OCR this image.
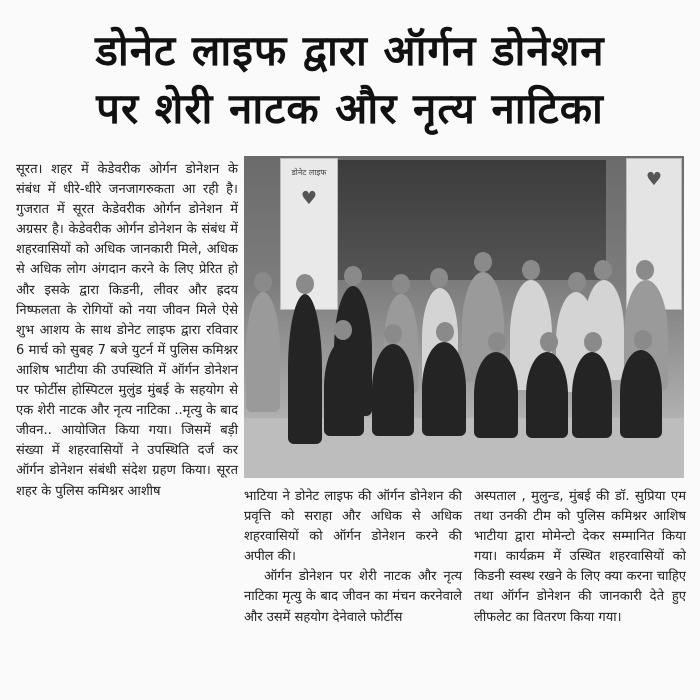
डोनेट लाइफ द्वारा ऑर्गन डोनेशन
पर शेरी नाटक और नृत्य नाटिका

सूरत। शहर में केडेवरीक ओर्गन डोनेशन के संबंध में धीरे-धीरे जनजागरुकता आ रही है। गुजरात में सूरत केडेवरीक ओर्गन डोनेशन में अग्रसर है। केडेवरीक ओर्गन डोनेशन के संबंध में शहरवासियों को अधिक जानकारी मिले, अधिक से अधिक लोग अंगदान करने के लिए प्रेरित हो और इसके द्वारा किडनी, लीवर और ह्रदय निष्फलता के रोगियों को नया जीवन मिले ऐसे शुभ आशय के साथ डोनेट लाइफ द्वारा रविवार 6 मार्च को सुबह 7 बजे युटर्न में पुलिस कमिश्नर आशिष भाटीया की उपस्थिति में ऑर्गन डोनेशन पर फोर्टीस होस्पिटल मुलुंड मुंबई के सहयोग से एक शेरी नाटक और नृत्य नाटिका ..मृत्यु के बाद जीवन.. आयोजित किया गया। जिसमें बड़ी संख्या में शहरवासियों ने उपस्थिति दर्ज कर ऑर्गन डोनेशन संबंधी संदेश ग्रहण किया। सूरत शहर के पुलिस कमिश्नर आशीष

डोनेट लाइफ
♥
♥

भाटिया ने डोनेट लाइफ की ऑर्गन डोनेशन की प्रवृत्ति को सराहा और अधिक से अधिक शहरवासियों को ऑर्गन डोनेशन करने की अपील की।

ऑर्गन डोनेशन पर शेरी नाटक और नृत्य नाटिका मृत्यु के बाद जीवन का मंचन करनेवाले और उसमें सहयोग देनेवाले फोर्टीस

अस्पताल , मुलुन्ड, मुंबई की डॉ. सुप्रिया एम तथा उनकी टीम को पुलिस कमिश्नर आशिष भाटीया द्वारा मोमेन्टो देकर सम्मानित किया गया। कार्यक्रम में उस्थित शहरवासियों को किडनी स्वस्थ रखने के लिए क्या करना चाहिए तथा ऑर्गन डोनेशन की जानकारी देते हुए लीफलेट का वितरण किया गया।
